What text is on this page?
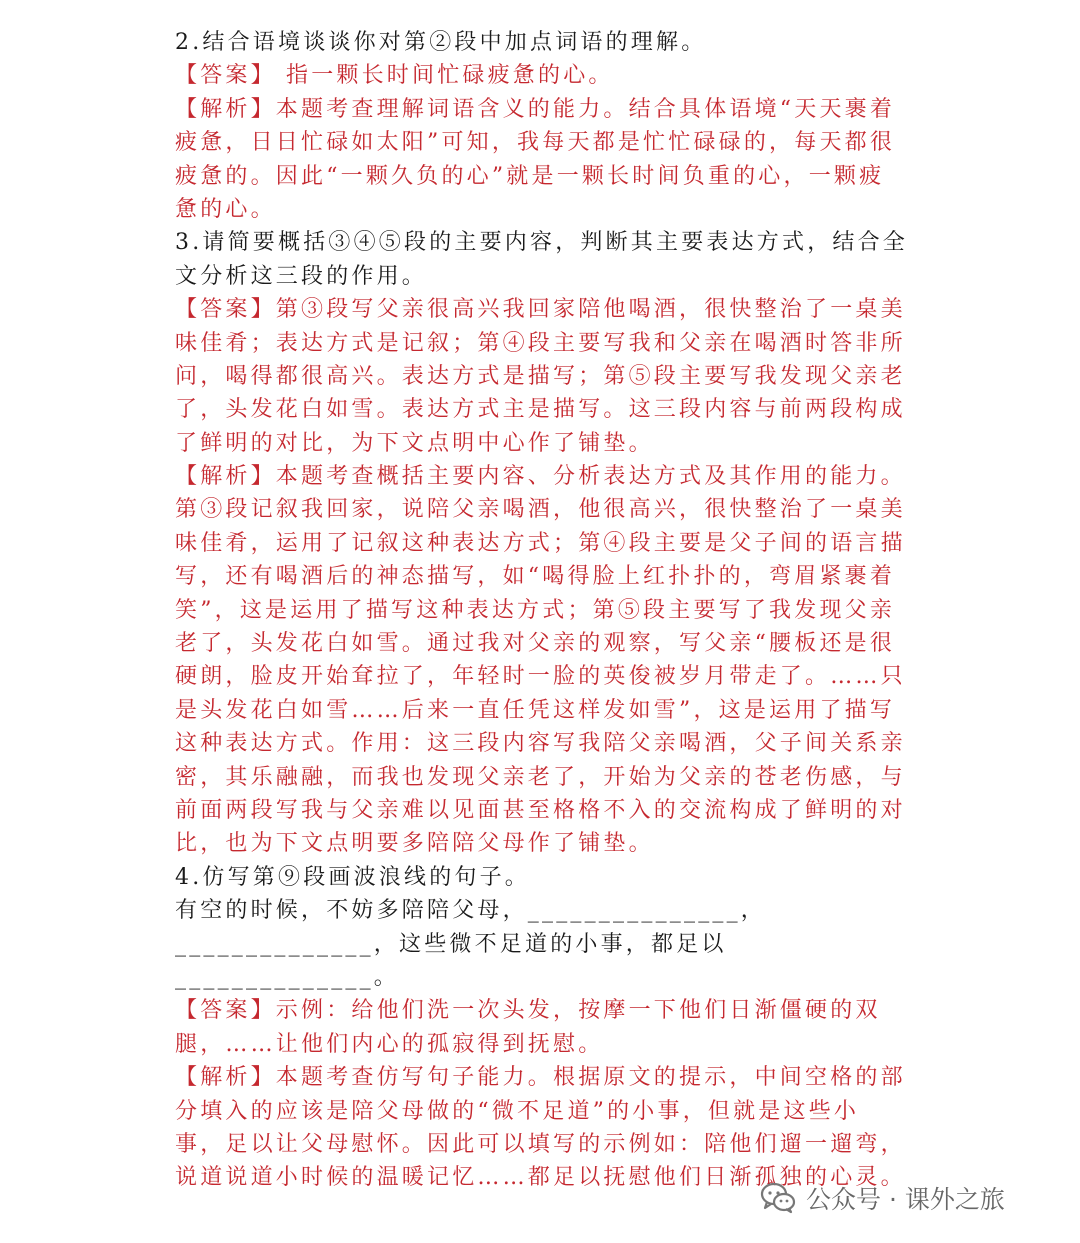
2.结合语境谈谈你对第②段中加点词语的理解。
【答案】 指一颗长时间忙碌疲惫的心。
【解析】本题考查理解词语含义的能力。结合具体语境“天天裹着
疲惫，日日忙碌如太阳”可知，我每天都是忙忙碌碌的，每天都很
疲惫的。因此“一颗久负的心”就是一颗长时间负重的心，一颗疲
惫的心。
3.请简要概括③④⑤段的主要内容，判断其主要表达方式，结合全
文分析这三段的作用。
【答案】第③段写父亲很高兴我回家陪他喝酒，很快整治了一桌美
味佳肴；表达方式是记叙；第④段主要写我和父亲在喝酒时答非所
问，喝得都很高兴。表达方式是描写；第⑤段主要写我发现父亲老
了，头发花白如雪。表达方式主是描写。这三段内容与前两段构成
了鲜明的对比，为下文点明中心作了铺垫。
【解析】本题考查概括主要内容、分析表达方式及其作用的能力。
第③段记叙我回家，说陪父亲喝酒，他很高兴，很快整治了一桌美
味佳肴，运用了记叙这种表达方式；第④段主要是父子间的语言描
写，还有喝酒后的神态描写，如“喝得脸上红扑扑的，弯眉紧裹着
笑”，这是运用了描写这种表达方式；第⑤段主要写了我发现父亲
老了，头发花白如雪。通过我对父亲的观察，写父亲“腰板还是很
硬朗，脸皮开始耷拉了，年轻时一脸的英俊被岁月带走了。……只
是头发花白如雪……后来一直任凭这样发如雪”，这是运用了描写
这种表达方式。作用：这三段内容写我陪父亲喝酒，父子间关系亲
密，其乐融融，而我也发现父亲老了，开始为父亲的苍老伤感，与
前面两段写我与父亲难以见面甚至格格不入的交流构成了鲜明的对
比，也为下文点明要多陪陪父母作了铺垫。
4.仿写第⑨段画波浪线的句子。
有空的时候，不妨多陪陪父母，_______________，
______________，这些微不足道的小事，都足以
______________。
【答案】示例：给他们洗一次头发，按摩一下他们日渐僵硬的双
腿，……让他们内心的孤寂得到抚慰。
【解析】本题考查仿写句子能力。根据原文的提示，中间空格的部
分填入的应该是陪父母做的“微不足道”的小事，但就是这些小
事，足以让父母慰怀。因此可以填写的示例如：陪他们遛一遛弯，
说道说道小时候的温暖记忆……都足以抚慰他们日渐孤独的心灵。
公众号 · 课外之旅
